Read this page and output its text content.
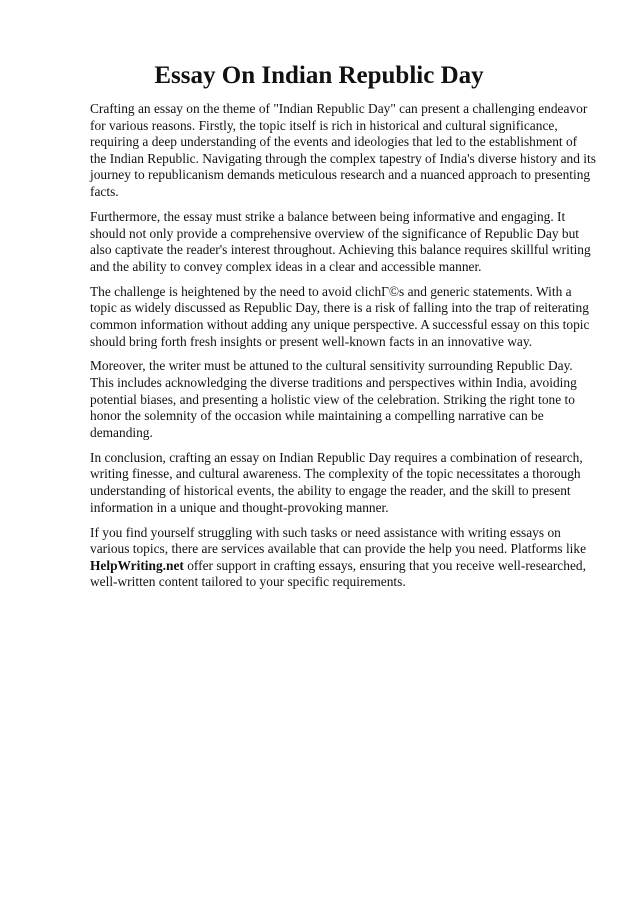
Essay On Indian Republic Day

Crafting an essay on the theme of "Indian Republic Day" can present a challenging endeavor for various reasons. Firstly, the topic itself is rich in historical and cultural significance, requiring a deep understanding of the events and ideologies that led to the establishment of the Indian Republic. Navigating through the complex tapestry of India's diverse history and its journey to republicanism demands meticulous research and a nuanced approach to presenting facts.

Furthermore, the essay must strike a balance between being informative and engaging. It should not only provide a comprehensive overview of the significance of Republic Day but also captivate the reader's interest throughout. Achieving this balance requires skillful writing and the ability to convey complex ideas in a clear and accessible manner.

The challenge is heightened by the need to avoid clichГ©s and generic statements. With a topic as widely discussed as Republic Day, there is a risk of falling into the trap of reiterating common information without adding any unique perspective. A successful essay on this topic should bring forth fresh insights or present well-known facts in an innovative way.

Moreover, the writer must be attuned to the cultural sensitivity surrounding Republic Day. This includes acknowledging the diverse traditions and perspectives within India, avoiding potential biases, and presenting a holistic view of the celebration. Striking the right tone to honor the solemnity of the occasion while maintaining a compelling narrative can be demanding.

In conclusion, crafting an essay on Indian Republic Day requires a combination of research, writing finesse, and cultural awareness. The complexity of the topic necessitates a thorough understanding of historical events, the ability to engage the reader, and the skill to present information in a unique and thought-provoking manner.

If you find yourself struggling with such tasks or need assistance with writing essays on various topics, there are services available that can provide the help you need. Platforms like HelpWriting.net offer support in crafting essays, ensuring that you receive well-researched, well-written content tailored to your specific requirements.
